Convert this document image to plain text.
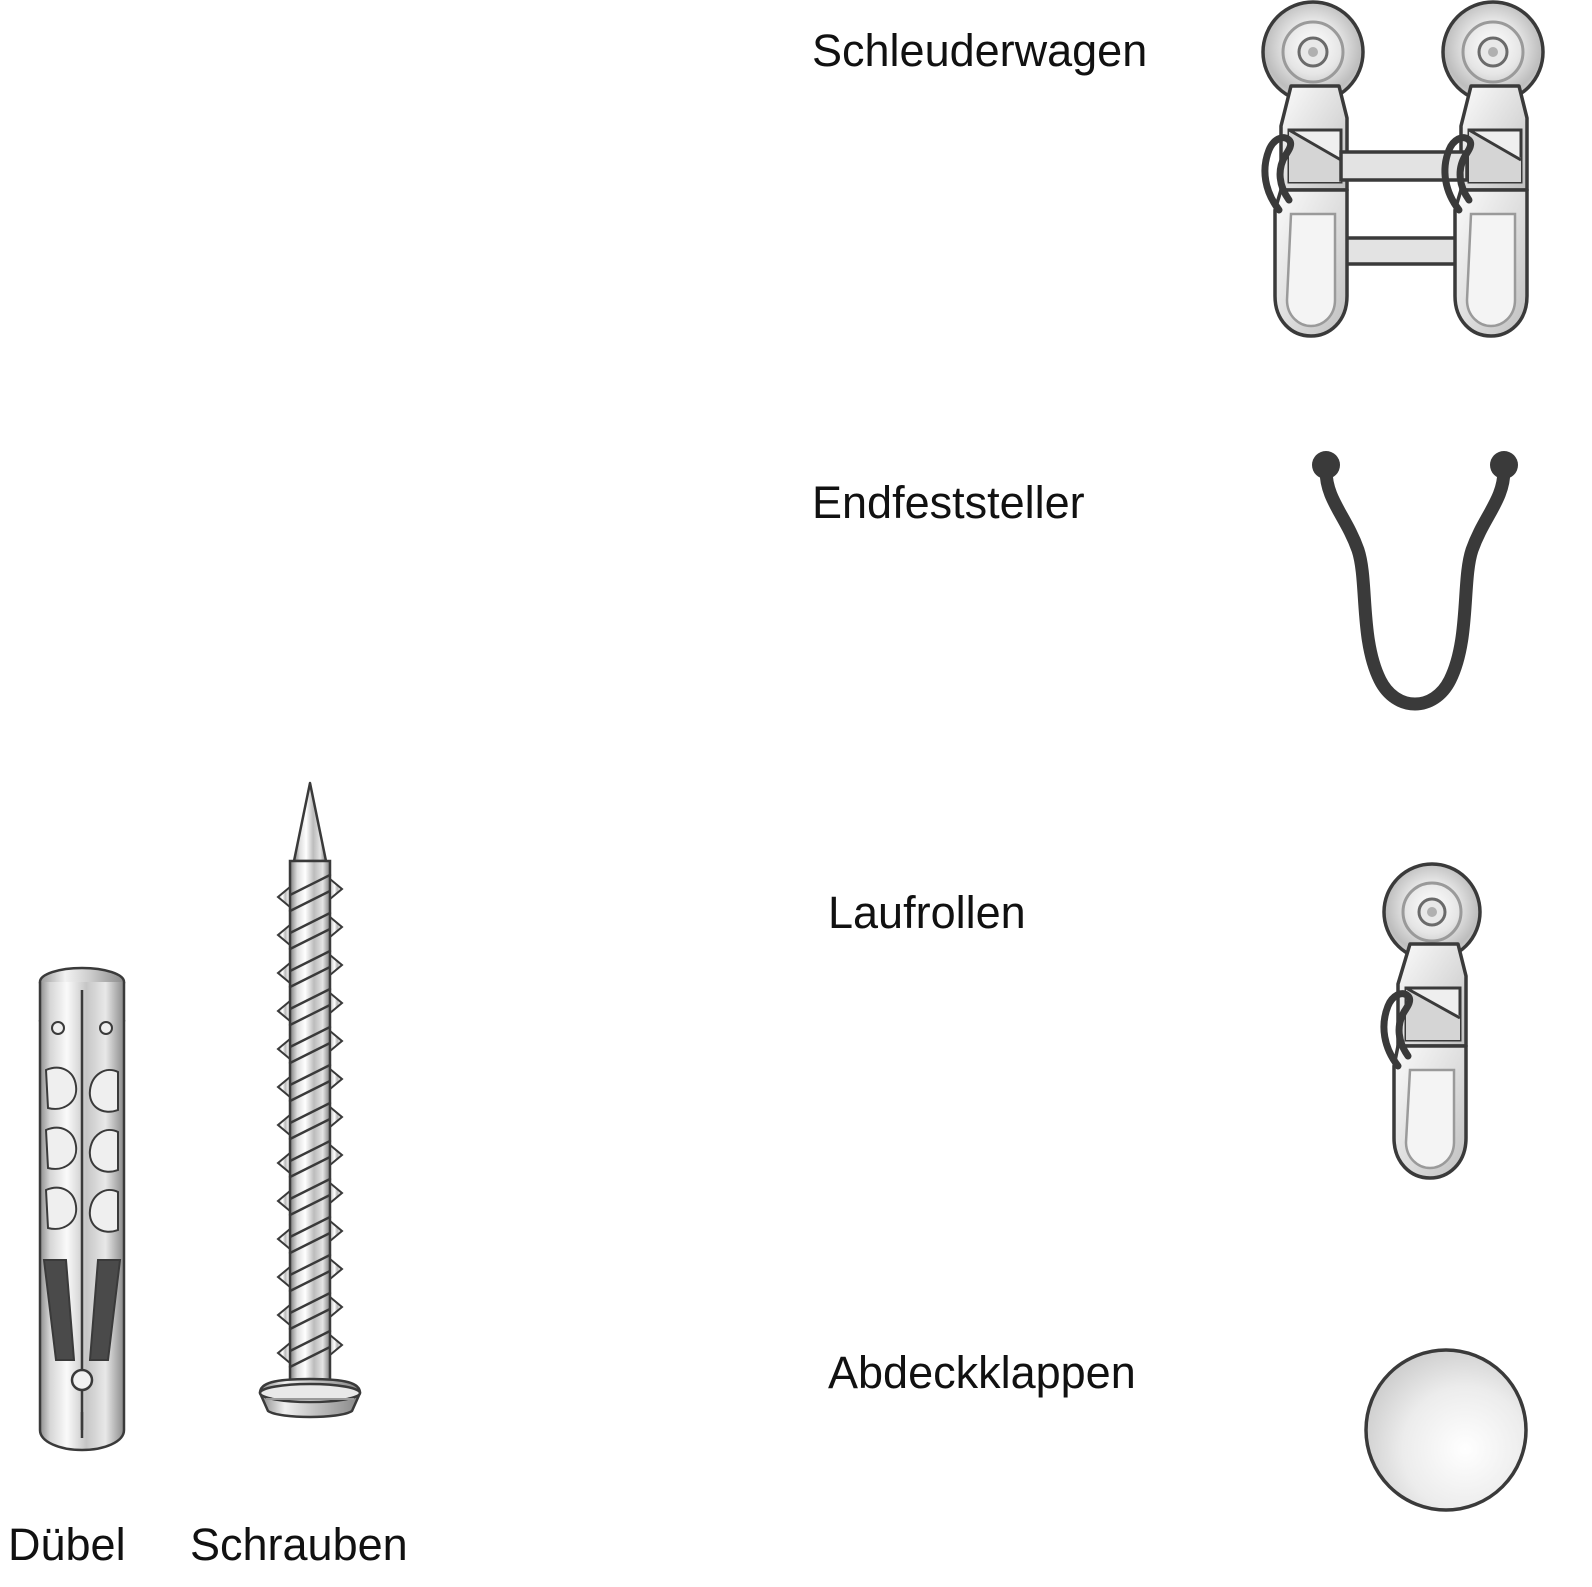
Schleuderwagen
Endfeststeller
Laufrollen
Abdeckklappen
Dübel Schrauben
